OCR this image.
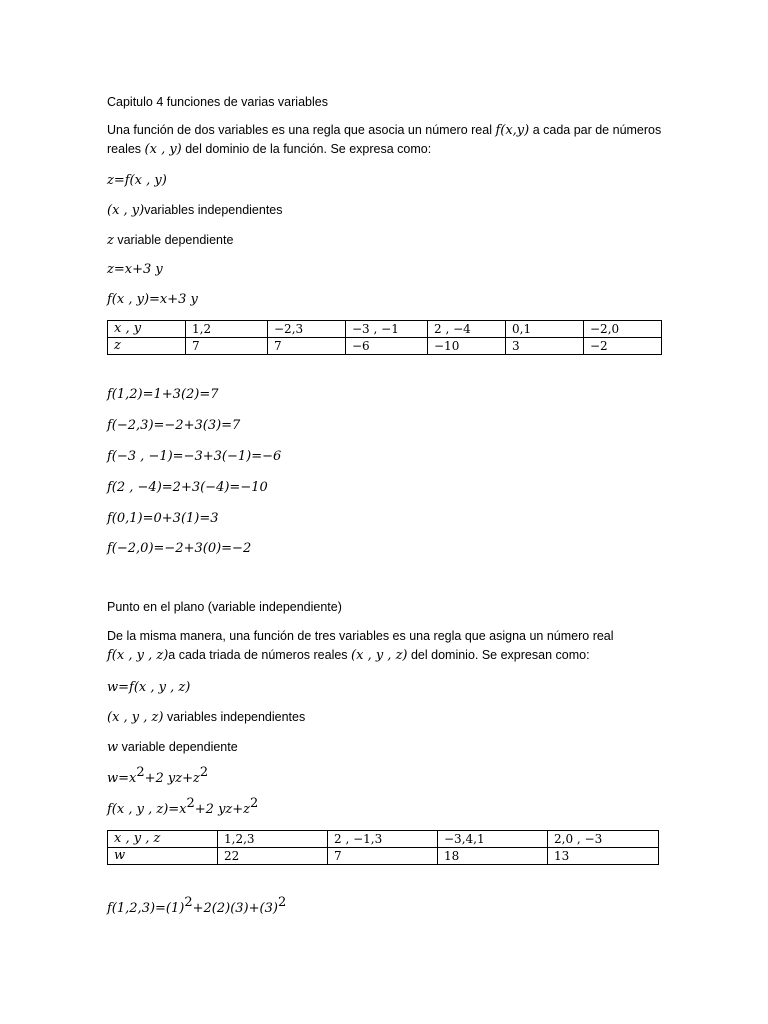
Capitulo 4 funciones de varias variables

Una función de dos variables es una regla que asocia un número real f(x,y) a cada par de números

reales (x , y) del dominio de la función. Se expresa como:

z=f(x , y)

(x , y)variables independientes

z variable dependiente

z=x+3 y

f(x , y)=x+3 y

x , y	1,2	−2,3	−3 , −1	2 , −4	0,1	−2,0
z	7	7	−6	−10	3	−2

f(1,2)=1+3(2)=7

f(−2,3)=−2+3(3)=7

f(−3 , −1)=−3+3(−1)=−6

f(2 , −4)=2+3(−4)=−10

f(0,1)=0+3(1)=3

f(−2,0)=−2+3(0)=−2

Punto en el plano (variable independiente)

De la misma manera, una función de tres variables es una regla que asigna un número real

f(x , y , z)a cada triada de números reales (x , y , z) del dominio. Se expresan como:

w=f(x , y , z)

(x , y , z) variables independientes

w variable dependiente

$w=x^2+2$ $yz+z^2$

f(x , y , $z)=x^2+2$ $yz+z^2$

x , y , z	1,2,3	2 , −1,3	−3,4,1	2,0 , −3
w	22	7	18	13

$f(1,2,3)=(1)^2+2(2)(3)+(3)^2$
